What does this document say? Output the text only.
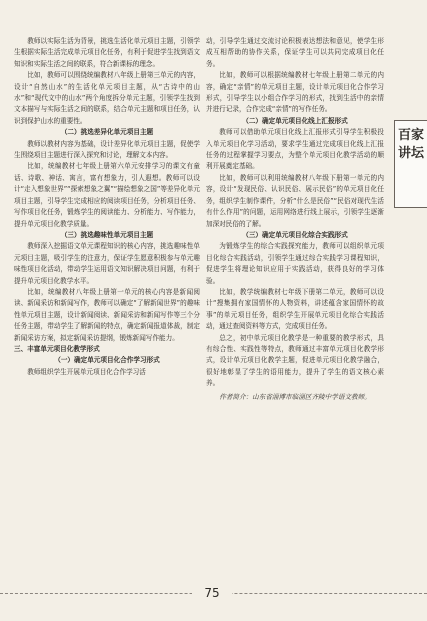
教师以实际生活为背景，挑选生活化单元项目主题，引领学生根据实际生活完成单元项目化任务，有利于促进学生找到语文知识和实际生活之间的联系，符合新课标的理念。

比如，教师可以围绕统编教材八年级上册第三单元的内容，设计“自然山水”的生活化单元项目主题，从“古诗中的山水”和“现代文中的山水”两个角度拆分单元主题，引领学生找到文本描写与实际生活之间的联系，结合单元主题和项目任务，认识到保护山水的重要性。

（二）挑选差异化单元项目主题

教师以教材内容为基础，设计差异化单元项目主题，促使学生围绕项目主题进行深入探究和讨论，理解文本内容。

比如，统编教材七年级上册第六单元安排学习的课文有童话、诗歌、神话、寓言，富有想象力，引人遐想。教师可以设计“走入想象世界”“探索想象之翼”“描绘想象之国”等差异化单元项目主题，引导学生完成相应的阅读项目任务，分析项目任务、写作项目化任务，锻炼学生的阅读能力、分析能力、写作能力，提升单元项目化教学质量。

（三）挑选趣味性单元项目主题

教师深入挖掘语文单元课程知识的核心内容，挑选趣味性单元项目主题，吸引学生的注意力，保证学生愿意积极参与单元趣味性项目化活动，带动学生运用语文知识解决项目问题，有利于提升单元项目化教学水平。

比如，统编教材八年级上册第一单元的核心内容是新闻阅读、新闻采访和新闻写作，教师可以确定“了解新闻世界”的趣味性单元项目主题，设计新闻阅读、新闻采访和新闻写作等三个分任务主题，带动学生了解新闻的特点，确定新闻报道体裁，制定新闻采访方案，拟定新闻采访提纲，锻炼新闻写作能力。

三、丰富单元项目化教学形式
（一）确定单元项目化合作学习形式

教师组织学生开展单元项目化合作学习活

动，引导学生通过交流讨论积极表达想法和意见，使学生形成互相帮助的协作关系，保证学生可以共同完成项目化任务。

比如，教师可以根据统编教材七年级上册第二单元的内容，确定“亲情”的单元项目主题，设计单元项目化合作学习形式，引导学生以小组合作学习的形式，找到生活中的亲情并进行记录，合作完成“亲情”的写作任务。

（二）确定单元项目化线上汇报形式

教师可以借助单元项目化线上汇报形式引导学生积极投入单元项目化学习活动，要求学生通过完成项目化线上汇报任务的过程掌握学习要点，为整个单元项目化教学活动的顺利开展奠定基础。

比如，教师可以利用统编教材八年级下册第一单元的内容，设计“发现民俗、认识民俗、展示民俗”的单元项目化任务，组织学生制作课件，分析“什么是民俗”“民俗对现代生活有什么作用”的问题，运用网络进行线上展示，引领学生逐渐加深对民俗的了解。

（三）确定单元项目化综合实践形式

为锻炼学生的综合实践探究能力，教师可以组织单元项目化综合实践活动，引领学生通过综合实践学习课程知识，促进学生将理论知识应用于实践活动，获得良好的学习体验。

比如，教学统编教材七年级下册第二单元，教师可以设计“搜集拥有家国情怀的人物资料，讲述蕴含家国情怀的故事”的单元项目任务，组织学生开展单元项目化综合实践活动，通过查阅资料等方式，完成项目任务。

总之，初中单元项目化教学是一种重要的教学形式，具有综合性、实践性等特点，教师通过丰富单元项目化教学形式，设计单元项目化教学主题，促进单元项目化教学融合，很好地彰显了学生的语用能力，提升了学生的语文核心素养。

作者简介：山东省淄博市临淄区齐陵中学语文教师。
百家讲坛
75
